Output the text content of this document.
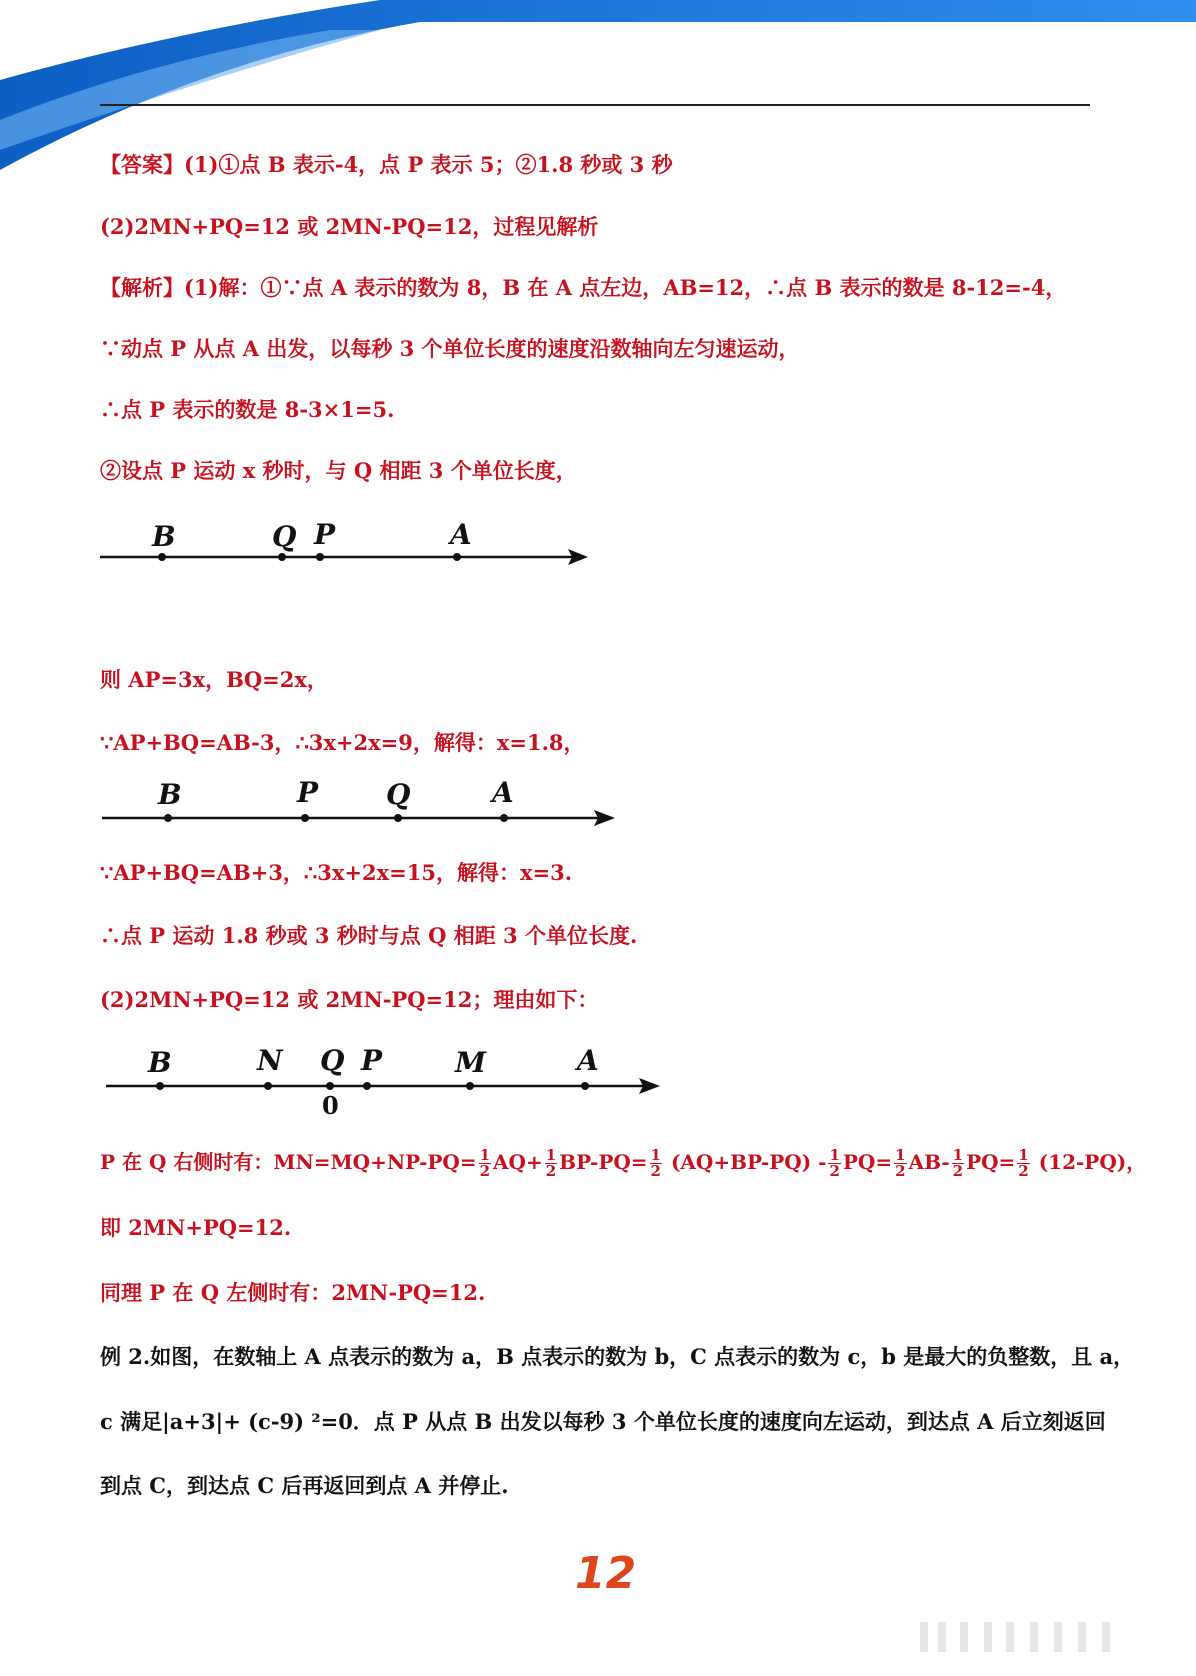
【答案】(1)①点 B 表示-4，点 P 表示 5；②1.8 秒或 3 秒
(2)2MN+PQ=12 或 2MN-PQ=12，过程见解析
【解析】(1)解：①∵点 A 表示的数为 8，B 在 A 点左边，AB=12，∴点 B 表示的数是 8-12=-4，
∵动点 P 从点 A 出发，以每秒 3 个单位长度的速度沿数轴向左匀速运动，
∴点 P 表示的数是 8-3×1=5.
②设点 P 运动 x 秒时，与 Q 相距 3 个单位长度，
B	Q P	A
则 AP=3x，BQ=2x，
∵AP+BQ=AB-3，∴3x+2x=9，解得：x=1.8，
B	P Q	A
∵AP+BQ=AB+3，∴3x+2x=15，解得：x=3.
∴点 P 运动 1.8 秒或 3 秒时与点 Q 相距 3 个单位长度.
(2)2MN+PQ=12 或 2MN-PQ=12；理由如下：
B	N Q P	M	A
0
P 在 Q 右侧时有：$MN=MQ+NP-PQ= \frac{1}{2} AQ+ \frac{1}{2} BP-PQ= \frac{1}{2} (AQ+BP-PQ) - \frac{1}{2} PQ= \frac{1}{2} AB- \frac{1}{2} PQ= \frac{1}{2} (12-PQ)$，
即 2MN+PQ=12.
同理 P 在 Q 左侧时有：2MN-PQ=12.
例 2.如图，在数轴上 A 点表示的数为 a，B 点表示的数为 b，C 点表示的数为 c，b 是最大的负整数，且 a，
c 满足|a+3|+ (c-9) ²=0．点 P 从点 B 出发以每秒 3 个单位长度的速度向左运动，到达点 A 后立刻返回
到点 C，到达点 C 后再返回到点 A 并停止.
12
